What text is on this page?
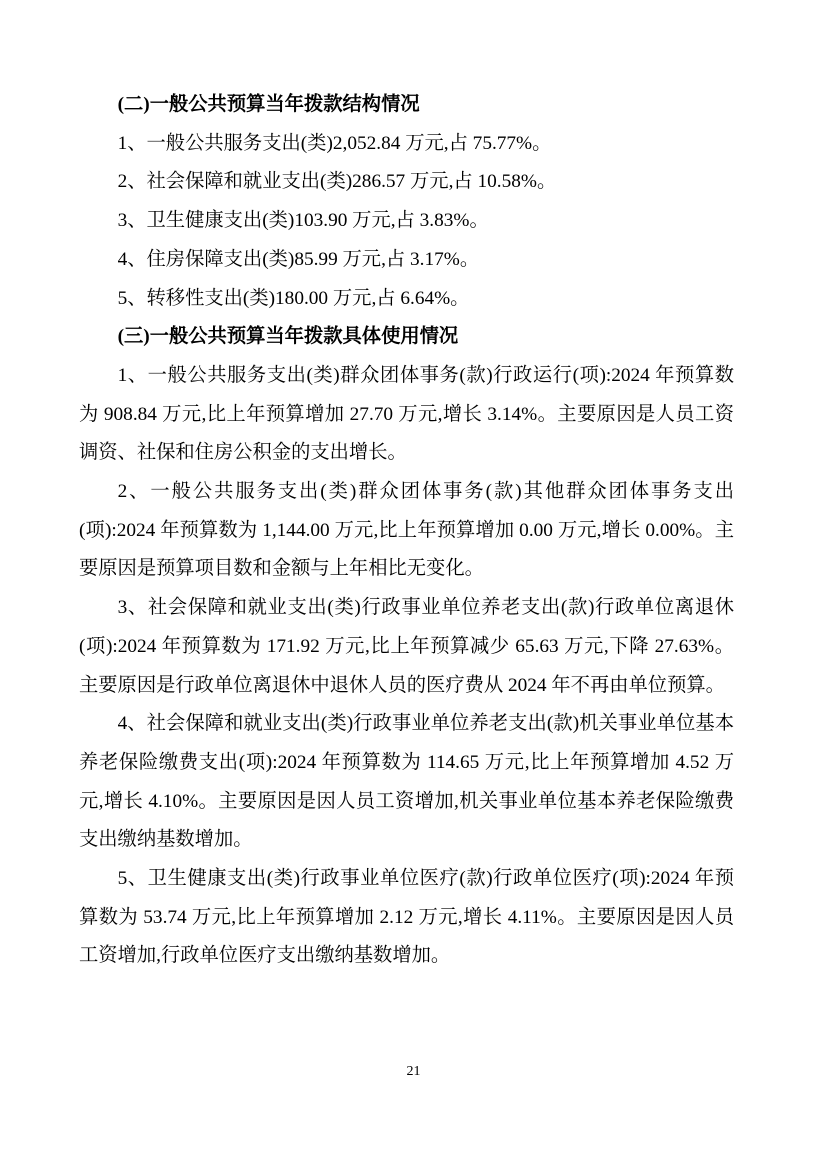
(二)一般公共预算当年拨款结构情况

1、一般公共服务支出(类)2,052.84 万元,占 75.77%。

2、社会保障和就业支出(类)286.57 万元,占 10.58%。

3、卫生健康支出(类)103.90 万元,占 3.83%。

4、住房保障支出(类)85.99 万元,占 3.17%。

5、转移性支出(类)180.00 万元,占 6.64%。

(三)一般公共预算当年拨款具体使用情况

1、一般公共服务支出(类)群众团体事务(款)行政运行(项):2024 年预算数为 908.84 万元,比上年预算增加 27.70 万元,增长 3.14%。主要原因是人员工资调资、社保和住房公积金的支出增长。

2、一般公共服务支出(类)群众团体事务(款)其他群众团体事务支出(项):2024 年预算数为 1,144.00 万元,比上年预算增加 0.00 万元,增长 0.00%。主要原因是预算项目数和金额与上年相比无变化。

3、社会保障和就业支出(类)行政事业单位养老支出(款)行政单位离退休(项):2024 年预算数为 171.92 万元,比上年预算减少 65.63 万元,下降 27.63%。主要原因是行政单位离退休中退休人员的医疗费从 2024 年不再由单位预算。

4、社会保障和就业支出(类)行政事业单位养老支出(款)机关事业单位基本养老保险缴费支出(项):2024 年预算数为 114.65 万元,比上年预算增加 4.52 万元,增长 4.10%。主要原因是因人员工资增加,机关事业单位基本养老保险缴费支出缴纳基数增加。

5、卫生健康支出(类)行政事业单位医疗(款)行政单位医疗(项):2024 年预算数为 53.74 万元,比上年预算增加 2.12 万元,增长 4.11%。主要原因是因人员工资增加,行政单位医疗支出缴纳基数增加。

21
